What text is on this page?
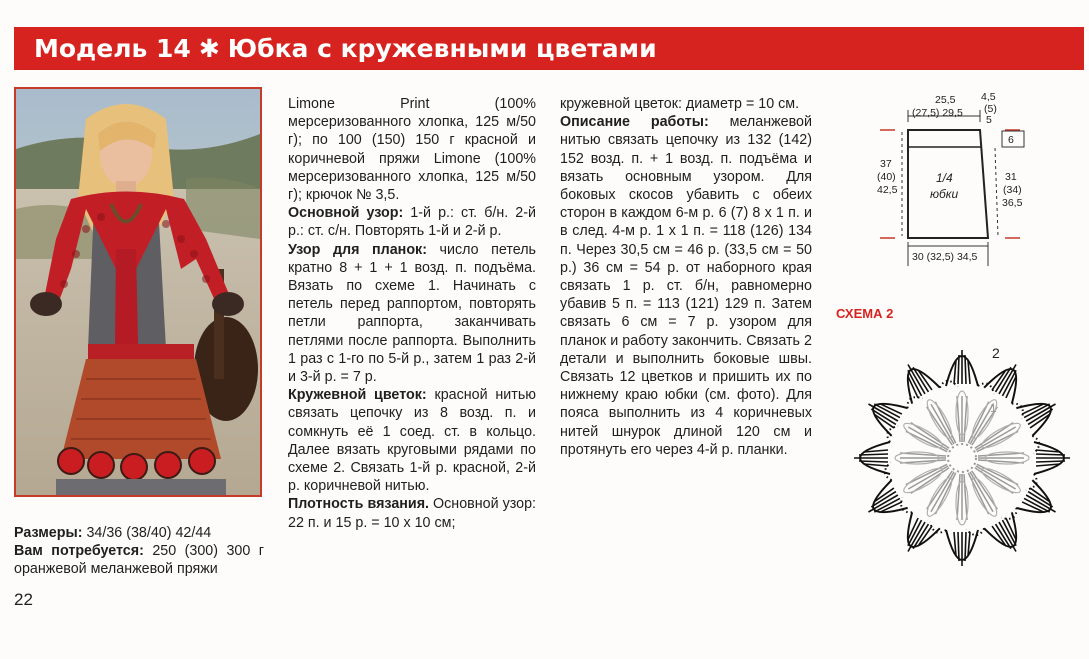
Модель 14 ✱ Юбка с кружевными цветами

Размеры: 34/36 (38/40) 42/44

Вам потребуется: 250 (300) 300 г оранжевой меланжевой пряжи

22

Limone Print (100% мерсеризованного хлопка, 125 м/50 г); по 100 (150) 150 г красной и коричневой пряжи Limone (100% мерсеризованного хлопка, 125 м/50 г); крючок № 3,5.

Основной узор: 1-й р.: ст. б/н. 2-й р.: ст. с/н. Повторять 1-й и 2-й р.

Узор для планок: число петель кратно 8 + 1 + 1 возд. п. подъёма. Вязать по схеме 1. Начинать с петель перед раппортом, повторять петли раппорта, заканчивать петлями после раппорта. Выполнить 1 раз с 1-го по 5-й р., затем 1 раз 2-й и 3-й р. = 7 р.

Кружевной цветок: красной нитью связать цепочку из 8 возд. п. и сомкнуть её 1 соед. ст. в кольцо. Далее вязать круговыми рядами по схеме 2. Связать 1-й р. красной, 2-й р. коричневой нитью.

Плотность вязания. Основной узор: 22 п. и 15 р. = 10 х 10 см;

кружевной цветок: диаметр = 10 см.

Описание работы: меланжевой нитью связать цепочку из 132 (142) 152 возд. п. + 1 возд. п. подъёма и вязать основным узором. Для боковых скосов убавить с обеих сторон в каждом 6-м р. 6 (7) 8 х 1 п. и в след. 4-м р. 1 х 1 п. = 118 (126) 134 п. Через 30,5 см = 46 р. (33,5 см = 50 р.) 36 см = 54 р. от наборного края связать 1 р. ст. б/н, равномерно убавив 5 п. = 113 (121) 129 п. Затем связать 6 см = 7 р. узором для планок и работу закончить. Связать 2 детали и выполнить боковые швы. Связать 12 цветков и пришить их по нижнему краю юбки (см. фото). Для пояса выполнить из 4 коричневых нитей шнурок длиной 120 см и протянуть его через 4-й р. планки.

25,5
(27,5) 29,5
4,5
(5)
5
6
37
(40)
42,5
31
(34)
36,5
1/4
юбки
30 (32,5) 34,5
СХЕМА 2
2
1
